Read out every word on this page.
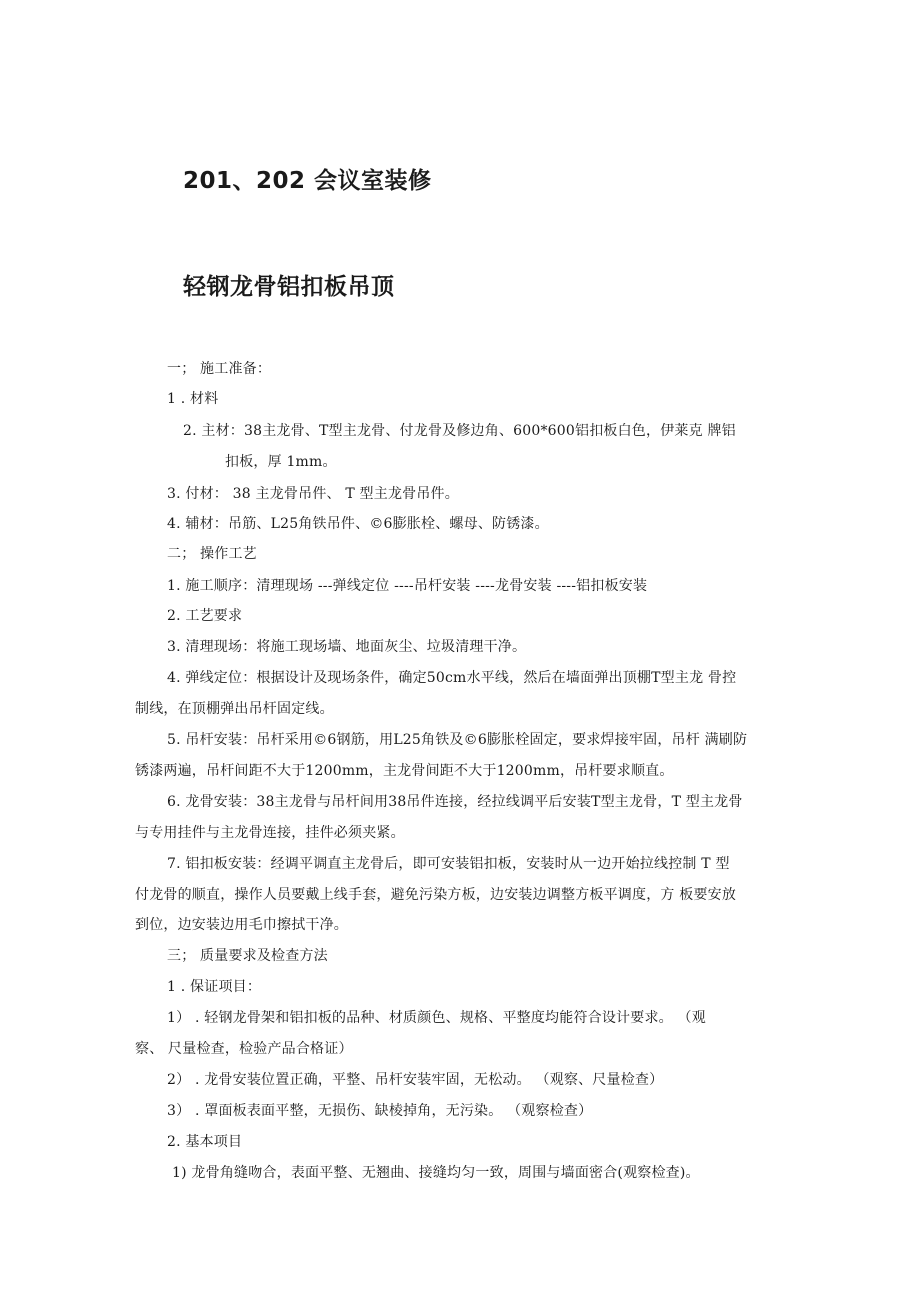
201、202 会议室装修
轻钢龙骨铝扣板吊顶
一； 施工准备：
1 . 材料
2. 主材：38主龙骨、T型主龙骨、付龙骨及修边角、600*600铝扣板白色，伊莱克 牌铝
扣板，厚 1mm。
3. 付材： 38 主龙骨吊件、 T 型主龙骨吊件。
4. 辅材：吊筋、L25角铁吊件、©6膨胀栓、螺母、防锈漆。
二； 操作工艺
1. 施工顺序：清理现场 ---弹线定位 ----吊杆安装 ----龙骨安装 ----铝扣板安装
2. 工艺要求
3. 清理现场：将施工现场墙、地面灰尘、垃圾清理干净。
4. 弹线定位：根据设计及现场条件，确定50cm水平线，然后在墙面弹出顶棚T型主龙 骨控
制线，在顶棚弹出吊杆固定线。
5. 吊杆安装：吊杆采用©6钢筋，用L25角铁及©6膨胀栓固定，要求焊接牢固，吊杆 满刷防
锈漆两遍，吊杆间距不大于1200mm，主龙骨间距不大于1200mm，吊杆要求顺直。
6. 龙骨安装：38主龙骨与吊杆间用38吊件连接，经拉线调平后安装T型主龙骨，T 型主龙骨
与专用挂件与主龙骨连接，挂件必须夹紧。
7. 铝扣板安装：经调平调直主龙骨后，即可安装铝扣板，安装时从一边开始拉线控制 T 型
付龙骨的顺直，操作人员要戴上线手套，避免污染方板，边安装边调整方板平调度，方 板要安放
到位，边安装边用毛巾擦拭干净。
三； 质量要求及检查方法
1 . 保证项目：
1） . 轻钢龙骨架和铝扣板的品种、材质颜色、规格、平整度均能符合设计要求。 （观
察、 尺量检查，检验产品合格证）
2） . 龙骨安装位置正确，平整、吊杆安装牢固，无松动。 （观察、尺量检查）
3） . 罩面板表面平整，无损伤、缺棱掉角，无污染。 （观察检查）
2. 基本项目
1) 龙骨角缝吻合，表面平整、无翘曲、接缝均匀一致，周围与墙面密合(观察检查)。
